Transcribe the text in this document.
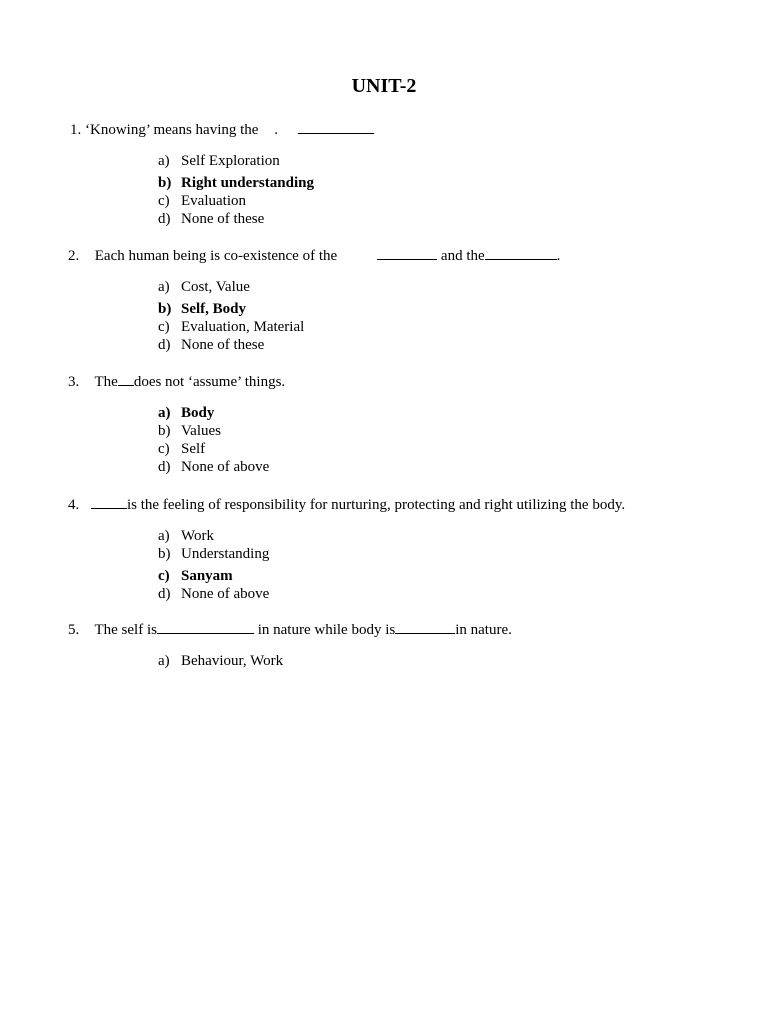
UNIT-2
1. ‘Knowing’ means having the .
a) Self Exploration
b) Right understanding
c) Evaluation
d) None of these
2. Each human being is co-existence of the	and the	.
a) Cost, Value
b) Self, Body
c) Evaluation, Material
d) None of these
3. The does not ‘assume’ things.
a) Body
b) Values
c) Self
d) None of above
4.	is the feeling of responsibility for nurturing, protecting and right utilizing the body.
a) Work
b) Understanding
c) Sanyam
d) None of above
5. The self is	in nature while body is	in nature.
a) Behaviour, Work
